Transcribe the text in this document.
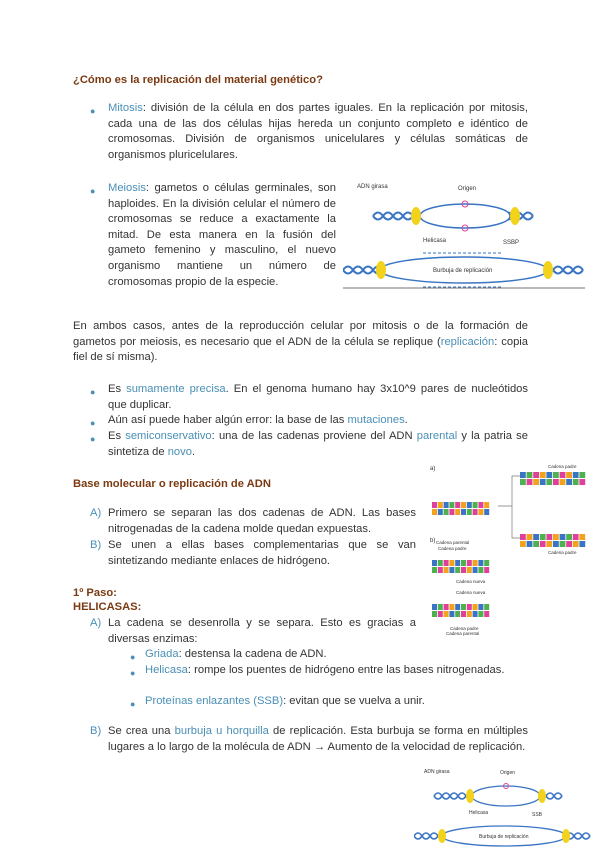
¿Cómo es la replicación del material genético?
● Mitosis: división de la célula en dos partes iguales. En la replicación por mitosis, cada una de las dos células hijas hereda un conjunto completo e idéntico de cromosomas. División de organismos unicelulares y células somáticas de organismos pluricelulares.
● Meiosis: gametos o células germinales, son haploides. En la división celular el número de cromosomas se reduce a exactamente la mitad. De esta manera en la fusión del gameto femenino y masculino, el nuevo organismo mantiene un número de cromosomas propio de la especie.
ADN girasa	Origen
Helicasa	SSBP
Burbuja de replicación
En ambos casos, antes de la reproducción celular por mitosis o de la formación de gametos por meiosis, es necesario que el ADN de la célula se replique (replicación: copia fiel de sí misma).
● Es sumamente precisa. En el genoma humano hay 3x10^9 pares de nucleótidos que duplicar.
● Aún así puede haber algún error: la base de las mutaciones.
● Es semiconservativo: una de las cadenas proviene del ADN parental y la patria se sintetiza de novo.
Base molecular o replicación de ADN
A) Primero se separan las dos cadenas de ADN. Las bases nitrogenadas de la cadena molde quedan expuestas.
B) Se unen a ellas bases complementarias que se van sintetizando mediante enlaces de hidrógeno.
a)
b)
Cadena padre
Cadena padre
Cadena parental
Cadena padre
Cadena nueva
Cadena nueva
Cadena padre
Cadena parental
1º Paso:
HELICASAS:
A) La cadena se desenrolla y se separa. Esto es gracias a diversas enzimas:
● Griada: destensa la cadena de ADN.
● Helicasa: rompe los puentes de hidrógeno entre las bases nitrogenadas.
● Proteínas enlazantes (SSB): evitan que se vuelva a unir.
B) Se crea una burbuja u horquilla de replicación. Esta burbuja se forma en múltiples lugares a lo largo de la molécula de ADN → Aumento de la velocidad de replicación.
ADN girasa	Origen
Helicasa	SSB
Burbuja de replicación
